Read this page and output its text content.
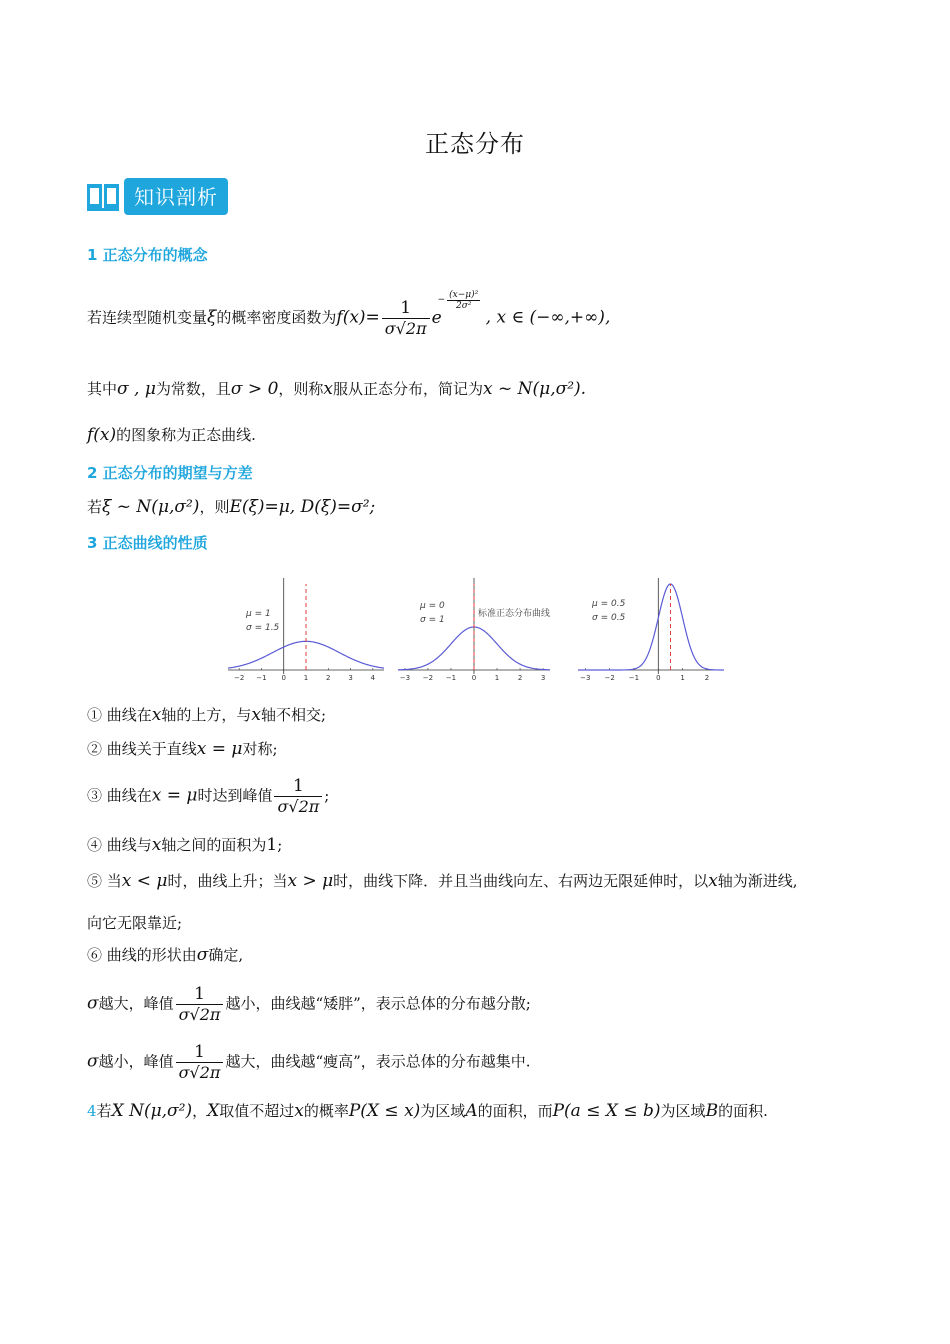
正态分布
知识剖析
1 正态分布的概念
若连续型随机变量ξ的概率密度函数为$f(x)= \frac{1}{\sigma√2\pi}$ e
− $\frac{\text{(x−μ)²}}{\text{2σ²}}$
, x ∈ (−∞,+∞),
其中σ , μ为常数，且σ > 0，则称x服从正态分布，简记为x ~ N(μ,σ²).
f(x)的图象称为正态曲线.
2 正态分布的期望与方差
若ξ ~ N(μ,σ²)，则E(ξ)=μ, D(ξ)=σ²;
3 正态曲线的性质
−2 −1 0	1	2	3	4
μ = 1
σ = 1.5
−3 −2 −1 0	1	2	3
μ = 0
σ = 1
标准正态分布曲线
−3 −2 −1 0	1	2
μ = 0.5
σ = 0.5
① 曲线在x轴的上方，与x轴不相交;
② 曲线关于直线x = μ对称;
③ 曲线在x = μ时达到峰值 $\frac{1}{\sigma√2\pi}$ ;
④ 曲线与x轴之间的面积为1;
⑤ 当x < μ时，曲线上升；当x > μ时，曲线下降．并且当曲线向左、右两边无限延伸时，以x轴为渐进线,
向它无限靠近;
⑥ 曲线的形状由σ确定,
σ越大，峰值 $\frac{1}{\sigma√2\pi}$ 越小，曲线越“矮胖”，表示总体的分布越分散;
σ越小，峰值 $\frac{1}{\sigma√2\pi}$ 越大，曲线越“瘦高”，表示总体的分布越集中.
4若X N(μ,σ²)，X取值不超过x的概率P(X ≤ x)为区域A的面积，而P(a ≤ X ≤ b)为区域B的面积.
